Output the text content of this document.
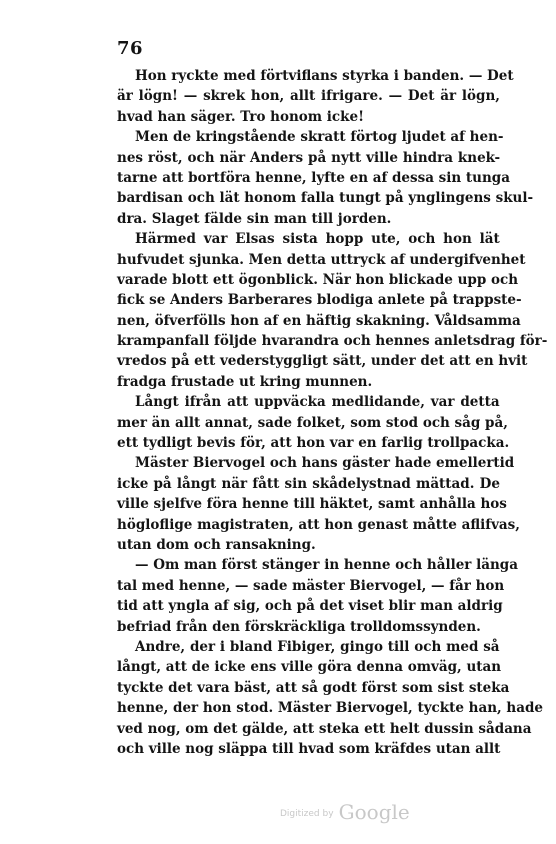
76
Hon ryckte med förtviflans styrka i banden. — Det
är lögn! — skrek hon, allt ifrigare. — Det är lögn,
hvad han säger. Tro honom icke!
Men de kringstående skratt förtog ljudet af hen-
nes röst, och när Anders på nytt ville hindra knek-
tarne att bortföra henne, lyfte en af dessa sin tunga
bardisan och lät honom falla tungt på ynglingens skul-
dra. Slaget fälde sin man till jorden.
Härmed var Elsas sista hopp ute, och hon lät
hufvudet sjunka. Men detta uttryck af undergifvenhet
varade blott ett ögonblick. När hon blickade upp och
fick se Anders Barberares blodiga anlete på trappste-
nen, öfverfölls hon af en häftig skakning. Våldsamma
krampanfall följde hvarandra och hennes anletsdrag för-
vredos på ett vederstyggligt sätt, under det att en hvit
fradga frustade ut kring munnen.
Långt ifrån att uppväcka medlidande, var detta
mer än allt annat, sade folket, som stod och såg på,
ett tydligt bevis för, att hon var en farlig trollpacka.
Mäster Biervogel och hans gäster hade emellertid
icke på långt när fått sin skådelystnad mättad. De
ville sjelfve föra henne till häktet, samt anhålla hos
högloflige magistraten, att hon genast måtte aflifvas,
utan dom och ransakning.
— Om man först stänger in henne och håller länga
tal med henne, — sade mäster Biervogel, — får hon
tid att yngla af sig, och på det viset blir man aldrig
befriad från den förskräckliga trolldomssynden.
Andre, der i bland Fibiger, gingo till och med så
långt, att de icke ens ville göra denna omväg, utan
tyckte det vara bäst, att så godt först som sist steka
henne, der hon stod. Mäster Biervogel, tyckte han, hade
ved nog, om det gälde, att steka ett helt dussin sådana
och ville nog släppa till hvad som kräfdes utan allt
Digitized by Google
